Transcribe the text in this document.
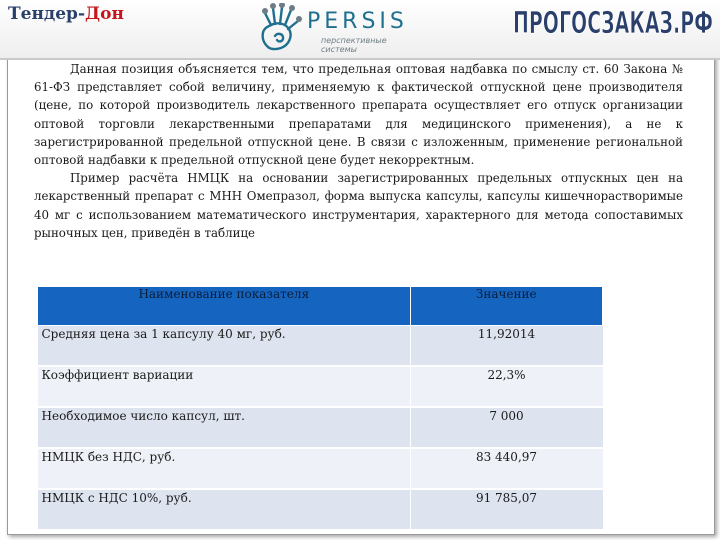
Тендер-Дон	PERSIS
перспективные
системы
ПРОГОСЗАКАЗ.РФ

Данная позиция объясняется тем, что предельная оптовая надбавка по смыслу ст. 60 Закона № 61-ФЗ представляет собой величину, применяемую к фактической отпускной цене производителя (цене, по которой производитель лекарственного препарата осуществляет его отпуск организации оптовой торговли лекарственными препаратами для медицинского применения), а не к зарегистрированной предельной отпускной цене. В связи с изложенным, применение региональной оптовой надбавки к предельной отпускной цене будет некорректным.

Пример расчёта НМЦК на основании зарегистрированных предельных отпускных цен на лекарственный препарат с МНН Омепразол, форма выпуска капсулы, капсулы кишечнорастворимые 40 мг с использованием математического инструментария, характерного для метода сопоставимых рыночных цен, приведён в таблице

Наименование показателя	Значение
Средняя цена за 1 капсулу 40 мг, руб.	11,92014
Коэффициент вариации	22,3%
Необходимое число капсул, шт.	7 000
НМЦК без НДС, руб.	83 440,97
НМЦК с НДС 10%, руб.	91 785,07
